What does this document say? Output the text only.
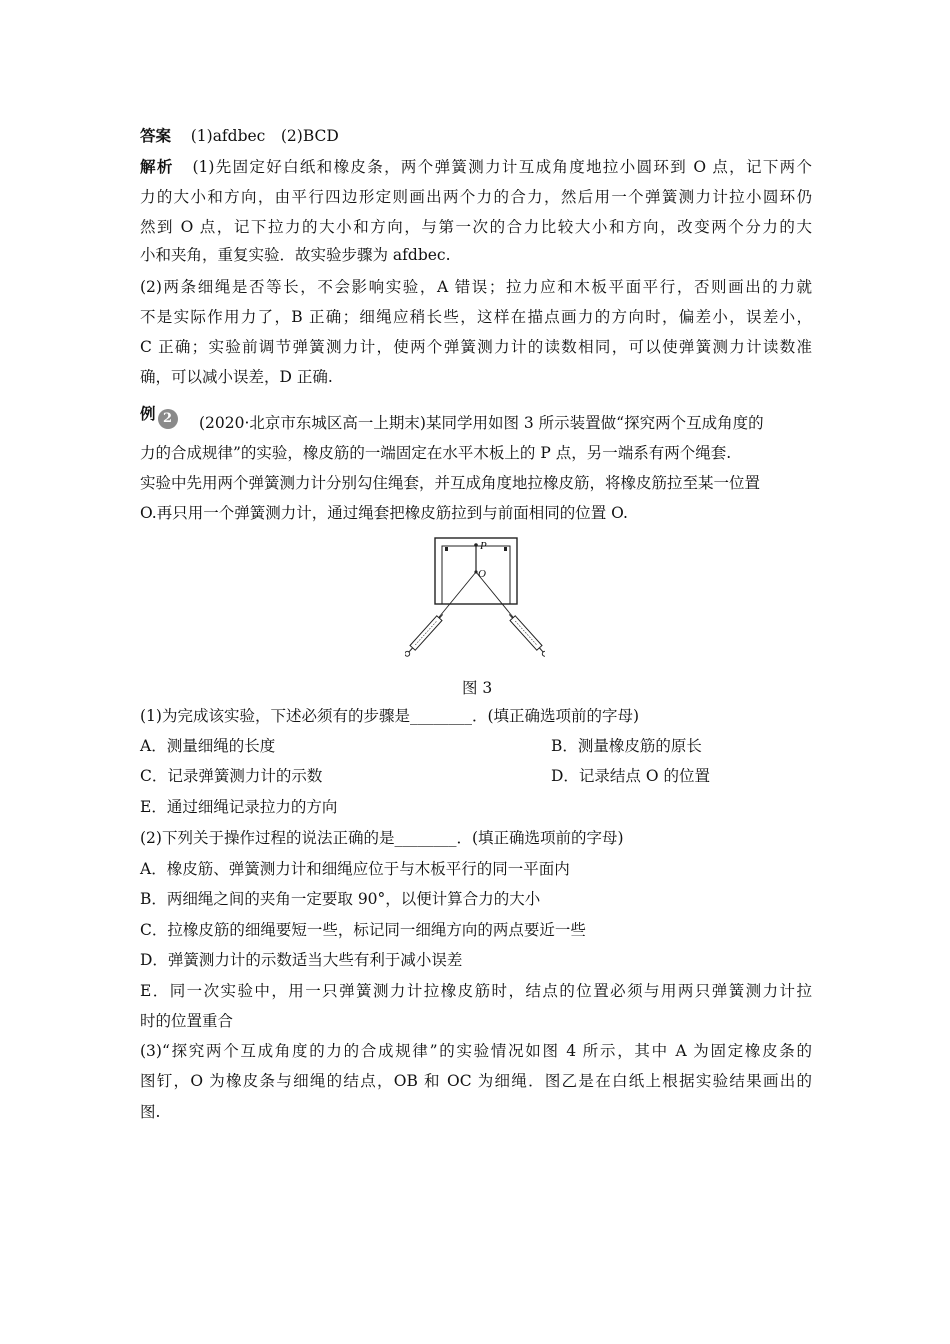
答案 (1)afdbec　(2)BCD
解析 (1)先固定好白纸和橡皮条，两个弹簧测力计互成角度地拉小圆环到 O 点，记下两个
力的大小和方向，由平行四边形定则画出两个力的合力，然后用一个弹簧测力计拉小圆环仍
然到 O 点，记下拉力的大小和方向，与第一次的合力比较大小和方向，改变两个分力的大
小和夹角，重复实验．故实验步骤为 afdbec.
(2)两条细绳是否等长，不会影响实验，A 错误；拉力应和木板平面平行，否则画出的力就
不是实际作用力了，B 正确；细绳应稍长些，这样在描点画力的方向时，偏差小，误差小，
C 正确；实验前调节弹簧测力计，使两个弹簧测力计的读数相同，可以使弹簧测力计读数准
确，可以减小误差，D 正确.
例 2	(2020·北京市东城区高一上期末)某同学用如图 3 所示装置做“探究两个互成角度的
力的合成规律”的实验，橡皮筋的一端固定在水平木板上的 P 点，另一端系有两个绳套.
实验中先用两个弹簧测力计分别勾住绳套，并互成角度地拉橡皮筋，将橡皮筋拉至某一位置
O.再只用一个弹簧测力计，通过绳套把橡皮筋拉到与前面相同的位置 O.
P
O
图 3
(1)为完成该实验，下述必须有的步骤是________．(填正确选项前的字母)
A．测量细绳的长度	B．测量橡皮筋的原长
C．记录弹簧测力计的示数	D．记录结点 O 的位置
E．通过细绳记录拉力的方向
(2)下列关于操作过程的说法正确的是________．(填正确选项前的字母)
A．橡皮筋、弹簧测力计和细绳应位于与木板平行的同一平面内
B．两细绳之间的夹角一定要取 90°，以便计算合力的大小
C．拉橡皮筋的细绳要短一些，标记同一细绳方向的两点要近一些
D．弹簧测力计的示数适当大些有利于减小误差
E．同一次实验中，用一只弹簧测力计拉橡皮筋时，结点的位置必须与用两只弹簧测力计拉
时的位置重合
(3)“探究两个互成角度的力的合成规律”的实验情况如图 4 所示，其中 A 为固定橡皮条的
图钉，O 为橡皮条与细绳的结点，OB 和 OC 为细绳．图乙是在白纸上根据实验结果画出的
图.
